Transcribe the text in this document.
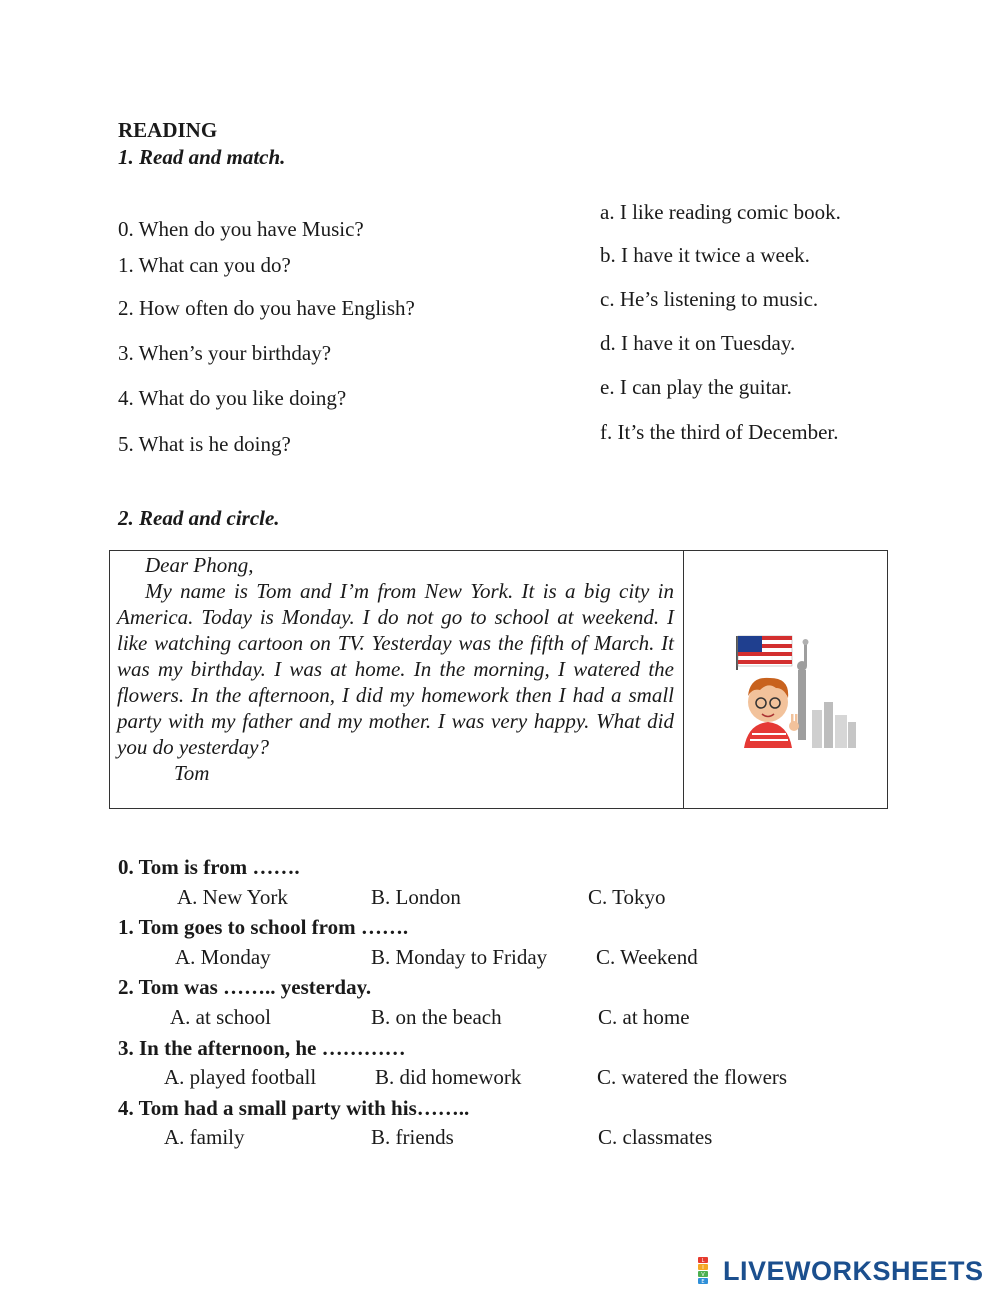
READING
1. Read and match.
0. When do you have Music?
1. What can you do?
2. How often do you have English?
3. When’s your birthday?
4. What do you like doing?
5. What is he doing?
a. I like reading comic book.
b. I have it twice a week.
c. He’s listening to music.
d. I have it on Tuesday.
e. I can play the guitar.
f. It’s the third of December.
2. Read and circle.

Dear Phong,

My name is Tom and I’m from New York. It is a big city in America. Today is Monday. I do not go to school at weekend. I like watching cartoon on TV. Yesterday was the fifth of March. It was my birthday. I was at home. In the morning, I watered the flowers. In the afternoon, I did my homework then I had a small party with my father and my mother. I was very happy. What did you do yesterday?

Tom

0. Tom is from …….
A. New York	B. London	C. Tokyo
1. Tom goes to school from …….
A. Monday	B. Monday to Friday C. Weekend
2. Tom was …….. yesterday.
A. at school	B. on the beach	C. at home
3. In the afternoon, he …………
A. played football	B. did homework	C. watered the flowers
4. Tom had a small party with his……..
A. family	B. friends	C. classmates
L
I
V
E LIVEWORKSHEETS
